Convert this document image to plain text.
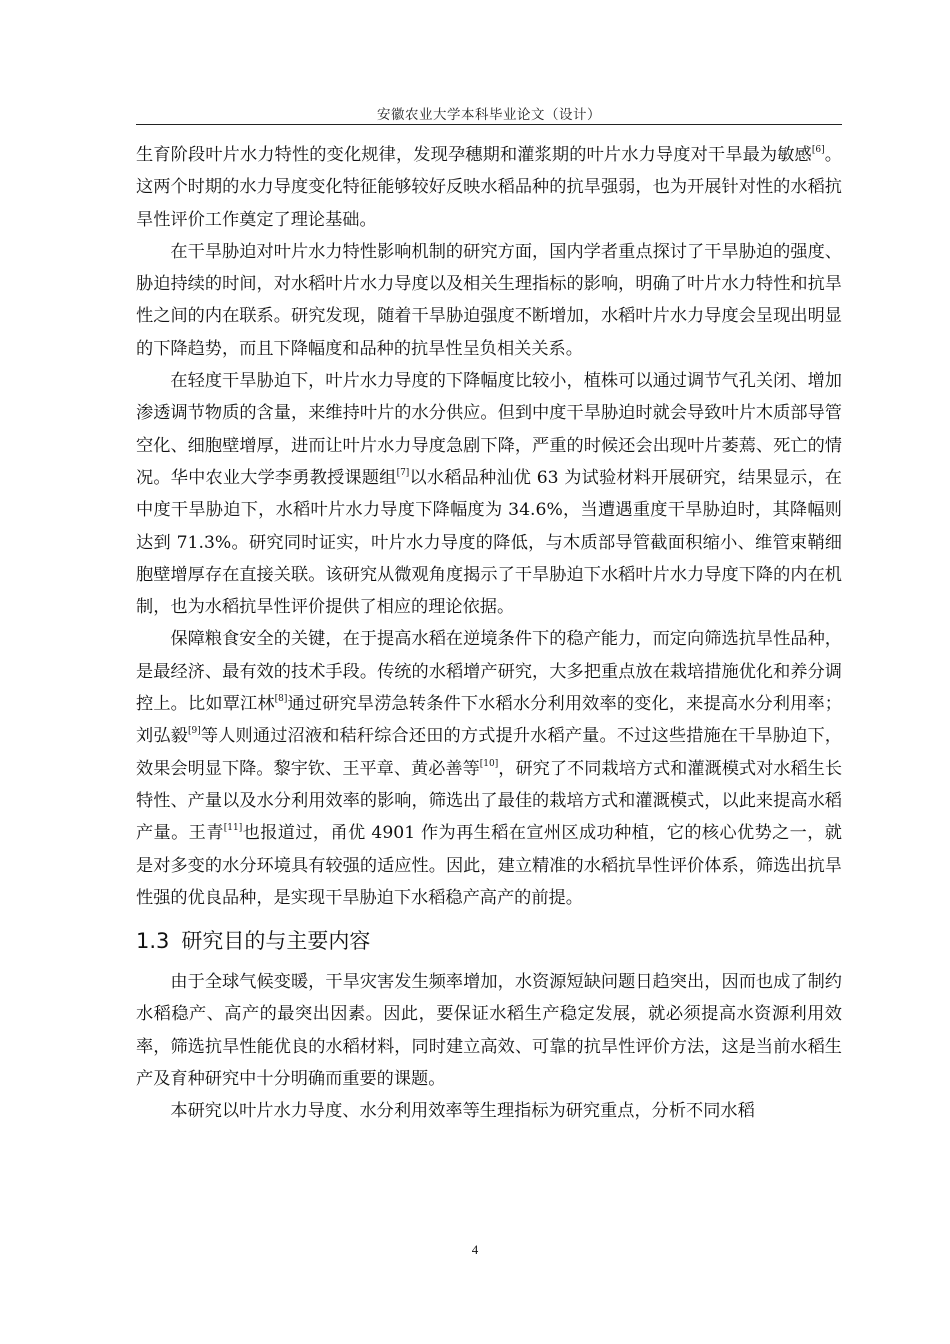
安徽农业大学本科毕业论文（设计）

生育阶段叶片水力特性的变化规律，发现孕穗期和灌浆期的叶片水力导度对干旱最为敏感[6]。这两个时期的水力导度变化特征能够较好反映水稻品种的抗旱强弱，也为开展针对性的水稻抗旱性评价工作奠定了理论基础。

在干旱胁迫对叶片水力特性影响机制的研究方面，国内学者重点探讨了干旱胁迫的强度、胁迫持续的时间，对水稻叶片水力导度以及相关生理指标的影响，明确了叶片水力特性和抗旱性之间的内在联系。研究发现，随着干旱胁迫强度不断增加，水稻叶片水力导度会呈现出明显的下降趋势，而且下降幅度和品种的抗旱性呈负相关关系。

在轻度干旱胁迫下，叶片水力导度的下降幅度比较小，植株可以通过调节气孔关闭、增加渗透调节物质的含量，来维持叶片的水分供应。但到中度干旱胁迫时就会导致叶片木质部导管空化、细胞壁增厚，进而让叶片水力导度急剧下降，严重的时候还会出现叶片萎蔫、死亡的情况。华中农业大学李勇教授课题组[7]以水稻品种汕优 63 为试验材料开展研究，结果显示，在中度干旱胁迫下，水稻叶片水力导度下降幅度为 34.6%，当遭遇重度干旱胁迫时，其降幅则达到 71.3%。研究同时证实，叶片水力导度的降低，与木质部导管截面积缩小、维管束鞘细胞壁增厚存在直接关联。该研究从微观角度揭示了干旱胁迫下水稻叶片水力导度下降的内在机制，也为水稻抗旱性评价提供了相应的理论依据。

保障粮食安全的关键，在于提高水稻在逆境条件下的稳产能力，而定向筛选抗旱性品种，是最经济、最有效的技术手段。传统的水稻增产研究，大多把重点放在栽培措施优化和养分调控上。比如覃江林[8]通过研究旱涝急转条件下水稻水分利用效率的变化，来提高水分利用率；刘弘毅[9]等人则通过沼液和秸秆综合还田的方式提升水稻产量。不过这些措施在干旱胁迫下，效果会明显下降。黎宇钦、王平章、黄必善等[10]，研究了不同栽培方式和灌溉模式对水稻生长特性、产量以及水分利用效率的影响，筛选出了最佳的栽培方式和灌溉模式，以此来提高水稻产量。王青[11]也报道过，甬优 4901 作为再生稻在宣州区成功种植，它的核心优势之一，就是对多变的水分环境具有较强的适应性。因此，建立精准的水稻抗旱性评价体系，筛选出抗旱性强的优良品种，是实现干旱胁迫下水稻稳产高产的前提。

1.3 研究目的与主要内容

由于全球气候变暖，干旱灾害发生频率增加，水资源短缺问题日趋突出，因而也成了制约水稻稳产、高产的最突出因素。因此，要保证水稻生产稳定发展，就必须提高水资源利用效率，筛选抗旱性能优良的水稻材料，同时建立高效、可靠的抗旱性评价方法，这是当前水稻生产及育种研究中十分明确而重要的课题。

本研究以叶片水力导度、水分利用效率等生理指标为研究重点，分析不同水稻

4
